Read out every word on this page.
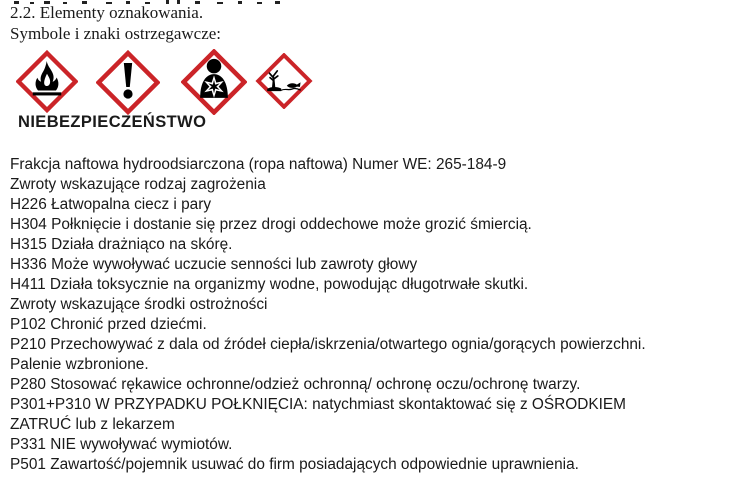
2.2. Elementy oznakowania.
Symbole i znaki ostrzegawcze:
NIEBEZPIECZEŃSTWO
Frakcja naftowa hydroodsiarczona (ropa naftowa) Numer WE: 265-184-9
Zwroty wskazujące rodzaj zagrożenia
H226 Łatwopalna ciecz i pary
H304 Połknięcie i dostanie się przez drogi oddechowe może grozić śmiercią.
H315 Działa drażniąco na skórę.
H336 Może wywoływać uczucie senności lub zawroty głowy
H411 Działa toksycznie na organizmy wodne, powodując długotrwałe skutki.
Zwroty wskazujące środki ostrożności
P102 Chronić przed dziećmi.
P210 Przechowywać z dala od źródeł ciepła/iskrzenia/otwartego ognia/gorących powierzchni.
Palenie wzbronione.
P280 Stosować rękawice ochronne/odzież ochronną/ ochronę oczu/ochronę twarzy.
P301+P310 W PRZYPADKU POŁKNIĘCIA: natychmiast skontaktować się z OŚRODKIEM
ZATRUĆ lub z lekarzem
P331 NIE wywoływać wymiotów.
P501 Zawartość/pojemnik usuwać do firm posiadających odpowiednie uprawnienia.
